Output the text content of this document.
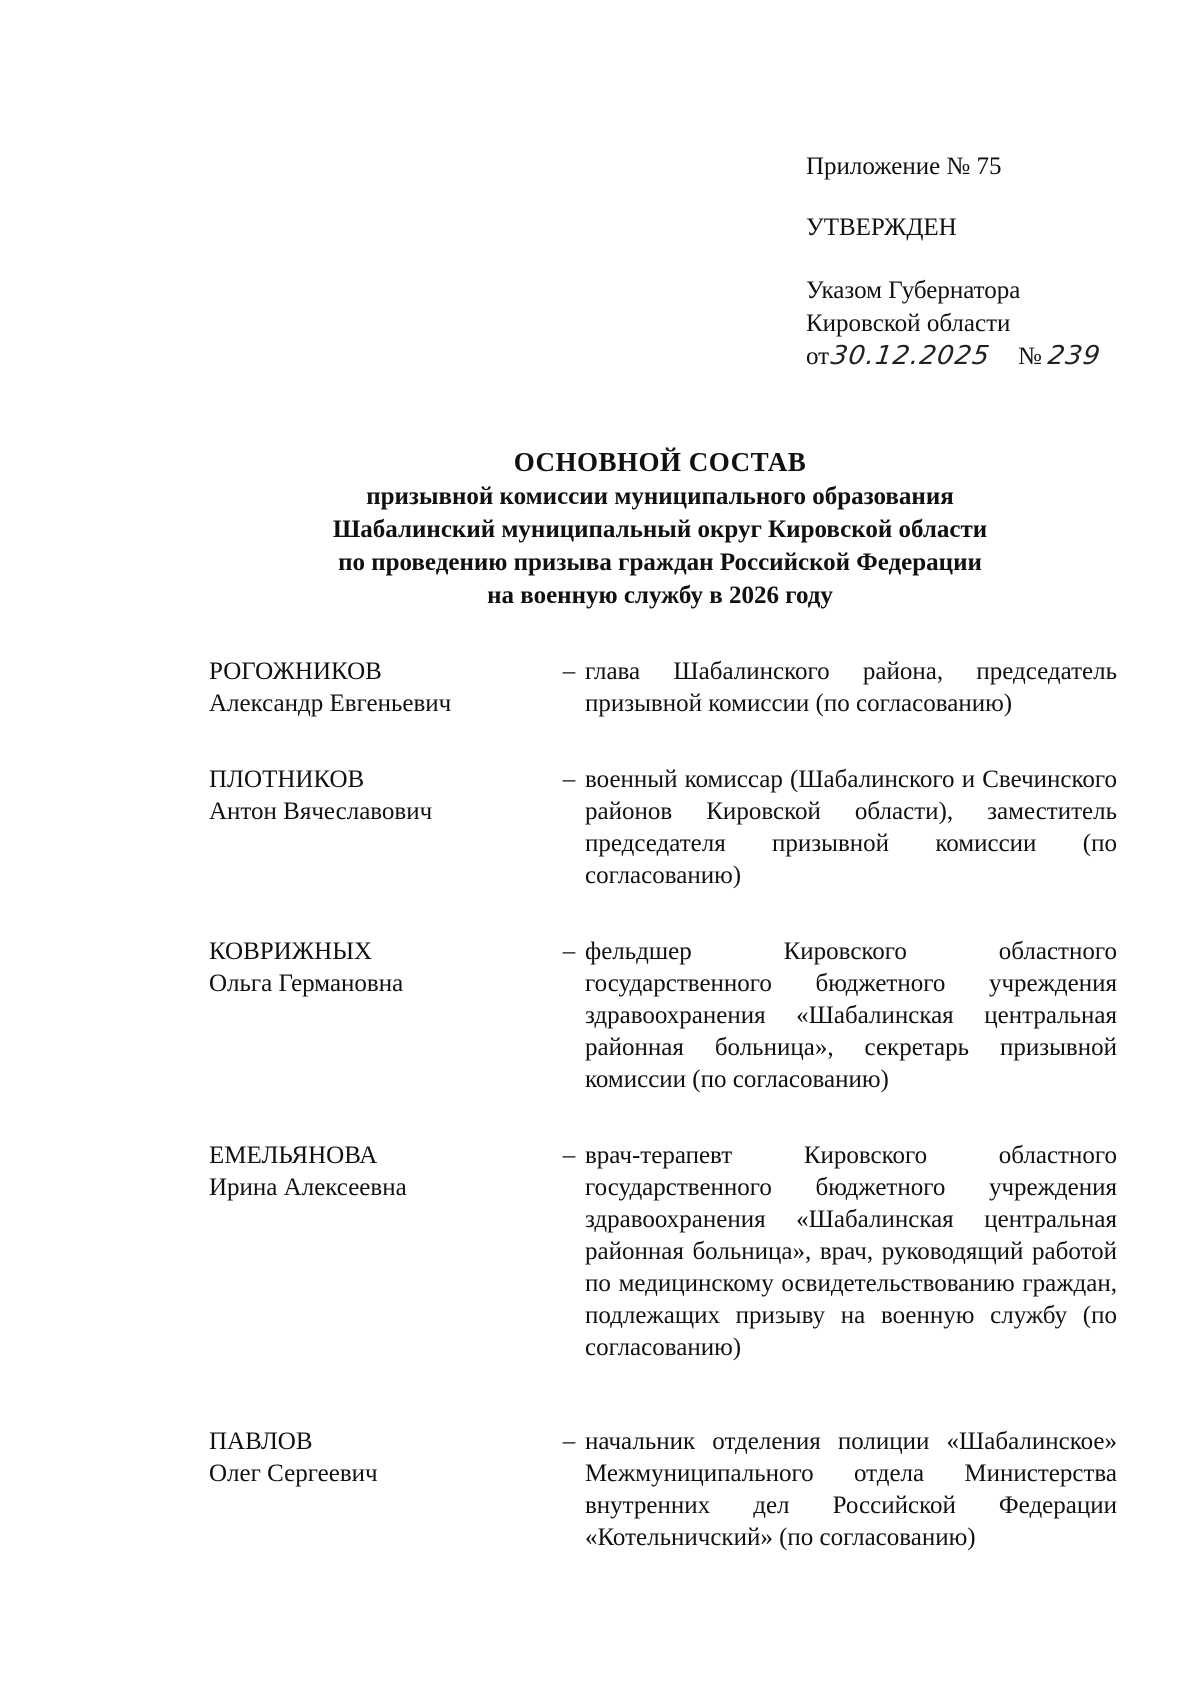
Приложение № 75
УТВЕРЖДЕН
Указом Губернатора
Кировской области
от 30.12.2025 № 239
ОСНОВНОЙ СОСТАВ
призывной комиссии муниципального образования
Шабалинский муниципальный округ Кировской области
по проведению призыва граждан Российской Федерации
на военную службу в 2026 году
РОГОЖНИКОВ
Александр Евгеньевич
– глава Шабалинского района, председатель призывной комиссии (по согласованию)
ПЛОТНИКОВ
Антон Вячеславович
– военный комиссар (Шабалинского и Свечинского районов Кировской области), заместитель председателя призывной комиссии (по согласованию)
КОВРИЖНЫХ
Ольга Германовна
– фельдшер Кировского областного государственного бюджетного учреждения здравоохранения «Шабалинская центральная районная больница», секретарь призывной комиссии (по согласованию)
ЕМЕЛЬЯНОВА
Ирина Алексеевна
– врач-терапевт Кировского областного государственного бюджетного учреждения здравоохранения «Шабалинская центральная районная больница», врач, руководящий работой по медицинскому освидетельствованию граждан, подлежащих призыву на военную службу (по согласованию)
ПАВЛОВ
Олег Сергеевич
– начальник отделения полиции «Шабалинское» Межмуниципального отдела Министерства внутренних дел Российской Федерации «Котельничский» (по согласованию)
